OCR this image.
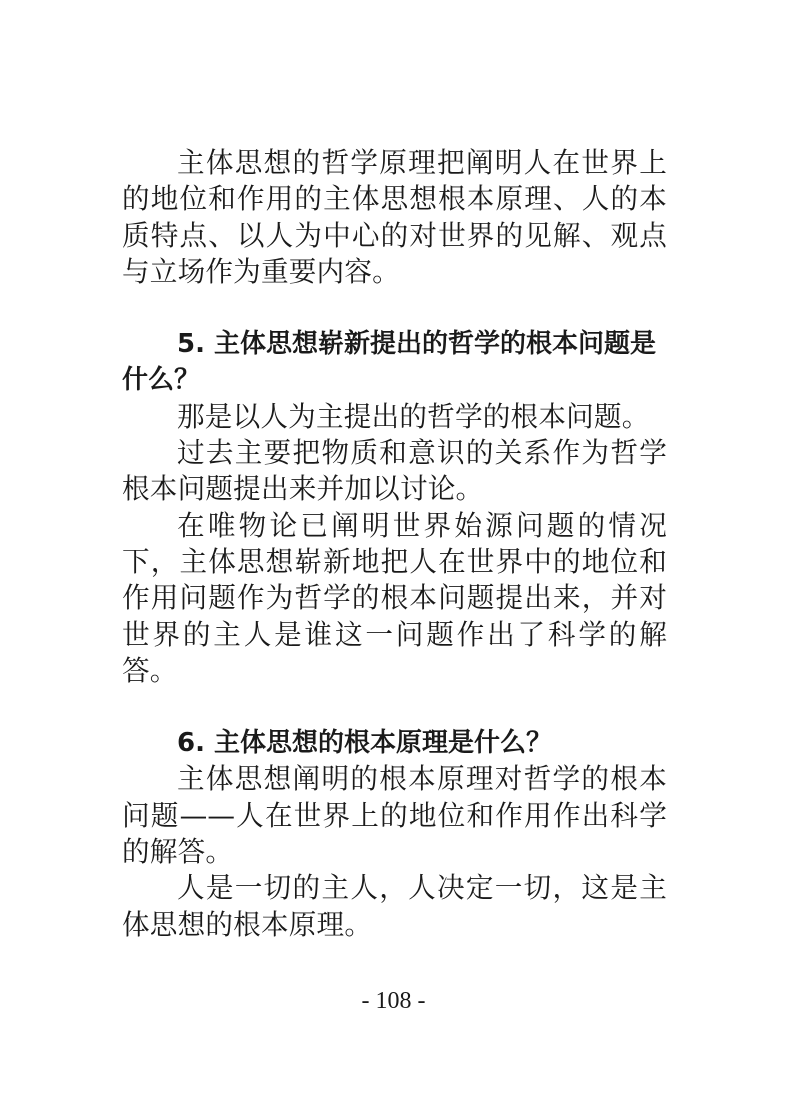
主体思想的哲学原理把阐明人在世界上的地位和作用的主体思想根本原理、人的本质特点、以人为中心的对世界的见解、观点与立场作为重要内容。

5. 主体思想崭新提出的哲学的根本问题是什么？

那是以人为主提出的哲学的根本问题。

过去主要把物质和意识的关系作为哲学根本问题提出来并加以讨论。

在唯物论已阐明世界始源问题的情况下，主体思想崭新地把人在世界中的地位和作用问题作为哲学的根本问题提出来，并对世界的主人是谁这一问题作出了科学的解答。

6. 主体思想的根本原理是什么？

主体思想阐明的根本原理对哲学的根本问题——人在世界上的地位和作用作出科学的解答。

人是一切的主人，人决定一切，这是主体思想的根本原理。

- 108 -
